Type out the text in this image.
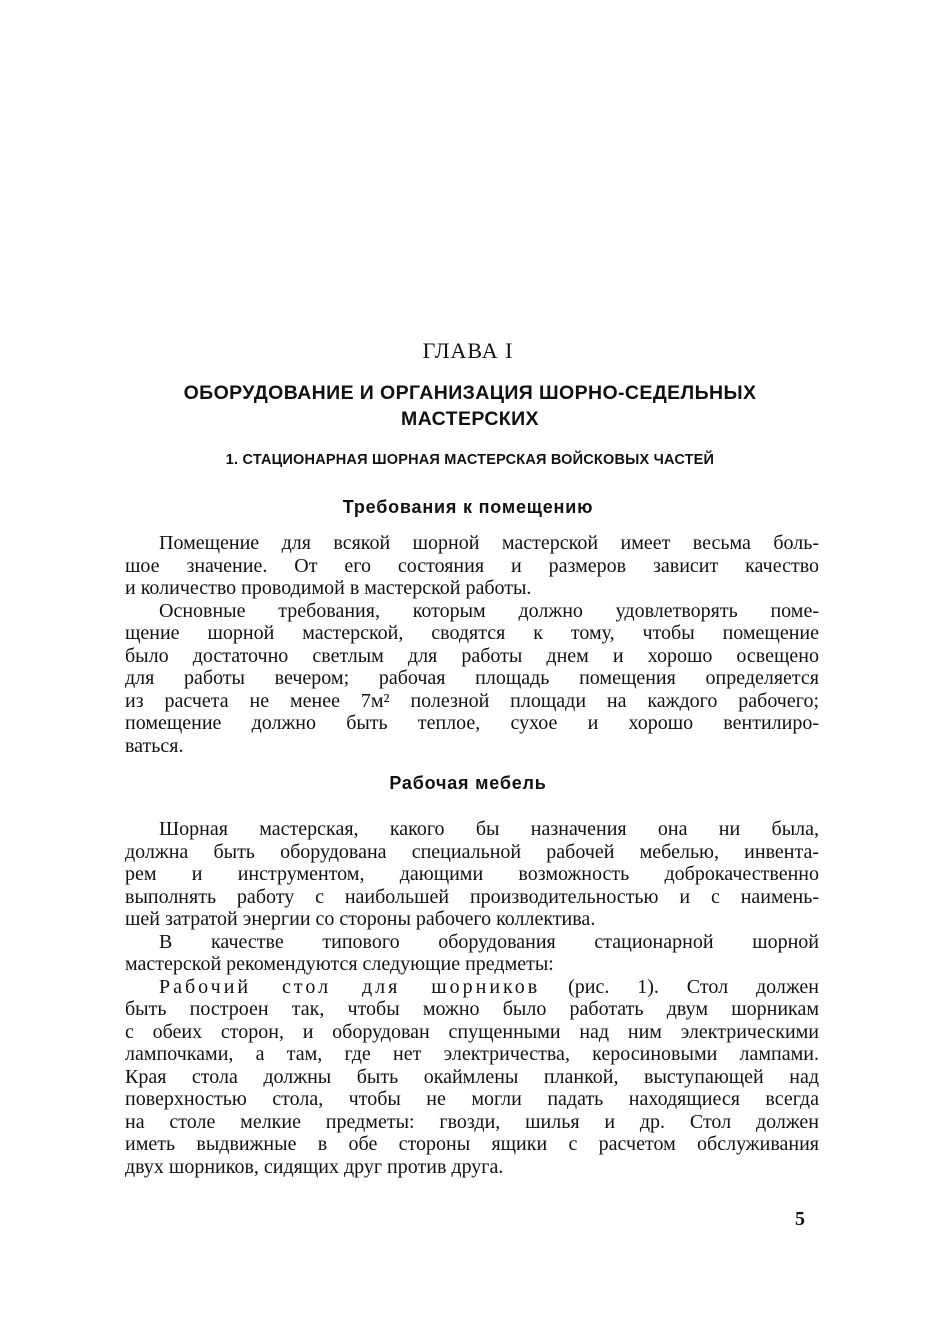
ГЛАВА I
ОБОРУДОВАНИЕ И ОРГАНИЗАЦИЯ ШОРНО-СЕДЕЛЬНЫХ
МАСТЕРСКИХ
1. СТАЦИОНАРНАЯ ШОРНАЯ МАСТЕРСКАЯ ВОЙСКОВЫХ ЧАСТЕЙ
Требования к помещению
Помещение для всякой шорной мастерской имеет весьма боль-
шое значение. От его состояния и размеров зависит качество
и количество проводимой в мастерской работы.
Основные требования, которым должно удовлетворять поме-
щение шорной мастерской, сводятся к тому, чтобы помещение
было достаточно светлым для работы днем и хорошо освещено
для работы вечером; рабочая площадь помещения определяется
из расчета не менее 7м² полезной площади на каждого рабочего;
помещение должно быть теплое, сухое и хорошо вентилиро-
ваться.
Рабочая мебель
Шорная мастерская, какого бы назначения она ни была,
должна быть оборудована специальной рабочей мебелью, инвента-
рем и инструментом, дающими возможность доброкачественно
выполнять работу с наибольшей производительностью и с наимень-
шей затратой энергии со стороны рабочего коллектива.
В качестве типового оборудования стационарной шорной
мастерской рекомендуются следующие предметы:
Рабочий стол для шорников (рис. 1). Стол должен
быть построен так, чтобы можно было работать двум шорникам
с обеих сторон, и оборудован спущенными над ним электрическими
лампочками, а там, где нет электричества, керосиновыми лампами.
Края стола должны быть окаймлены планкой, выступающей над
поверхностью стола, чтобы не могли падать находящиеся всегда
на столе мелкие предметы: гвозди, шилья и др. Стол должен
иметь выдвижные в обе стороны ящики с расчетом обслуживания
двух шорников, сидящих друг против друга.
5
